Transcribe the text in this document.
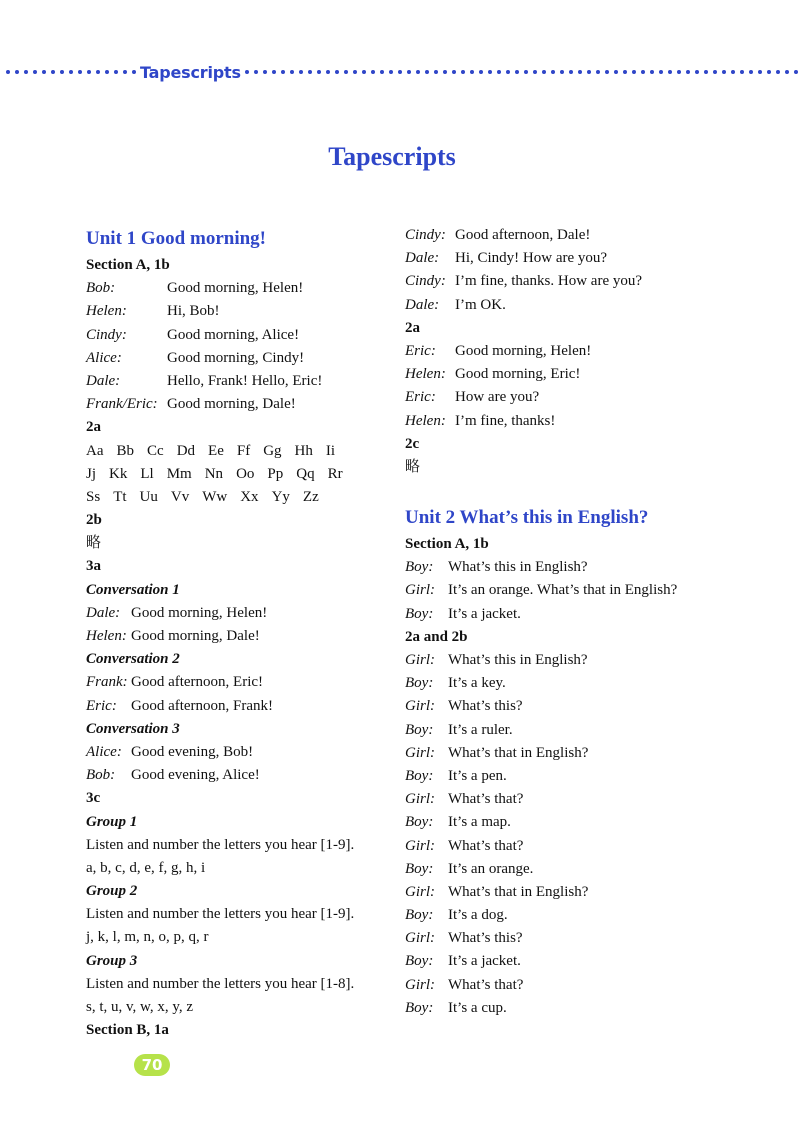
Tapescripts
Tapescripts
Unit 1 Good morning!
Section A, 1b
Bob:	Good morning, Helen!
Helen:	Hi, Bob!
Cindy:	Good morning, Alice!
Alice:	Good morning, Cindy!
Dale:	Hello, Frank! Hello, Eric!
Frank/Eric: Good morning, Dale!
2a
Aa Bb Cc Dd Ee Ff Gg Hh Ii
Jj Kk Ll Mm Nn Oo Pp Qq Rr
Ss Tt Uu Vv Ww Xx Yy Zz
2b
略
3a
Conversation 1
Dale: Good morning, Helen!
Helen: Good morning, Dale!
Conversation 2
Frank: Good afternoon, Eric!
Eric: Good afternoon, Frank!
Conversation 3
Alice: Good evening, Bob!
Bob:	Good evening, Alice!
3c
Group 1
Listen and number the letters you hear [1-9].
a, b, c, d, e, f, g, h, i
Group 2
Listen and number the letters you hear [1-9].
j, k, l, m, n, o, p, q, r
Group 3
Listen and number the letters you hear [1-8].
s, t, u, v, w, x, y, z
Section B, 1a
Cindy: Good afternoon, Dale!
Dale:	Hi, Cindy! How are you?
Cindy: I’m fine, thanks. How are you?
Dale:	I’m OK.
2a
Eric:	Good morning, Helen!
Helen: Good morning, Eric!
Eric:	How are you?
Helen: I’m fine, thanks!
2c
略
Unit 2 What’s this in English?
Section A, 1b
Boy: What’s this in English?
Girl: It’s an orange. What’s that in English?
Boy: It’s a jacket.
2a and 2b
Girl: What’s this in English?
Boy: It’s a key.
Girl: What’s this?
Boy: It’s a ruler.
Girl: What’s that in English?
Boy: It’s a pen.
Girl: What’s that?
Boy: It’s a map.
Girl: What’s that?
Boy: It’s an orange.
Girl: What’s that in English?
Boy: It’s a dog.
Girl: What’s this?
Boy: It’s a jacket.
Girl: What’s that?
Boy: It’s a cup.
70
